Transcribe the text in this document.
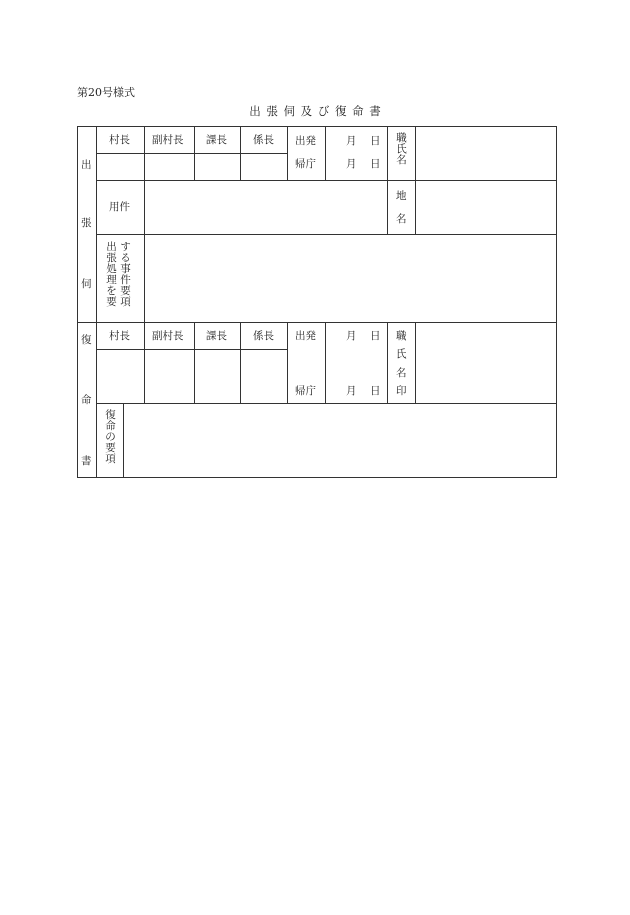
第20号様式
出 張 伺 及 び 復 命 書
出
張
伺
村長 副村長 課長 係長 出発
帰庁
月 日
月 日
職氏名
用件
地
名
する事件要項
出張処理を要
復
命
書
村長 副村長 課長 係長 出発
帰庁
月 日
月 日
職
氏
名
印
復命の要項
